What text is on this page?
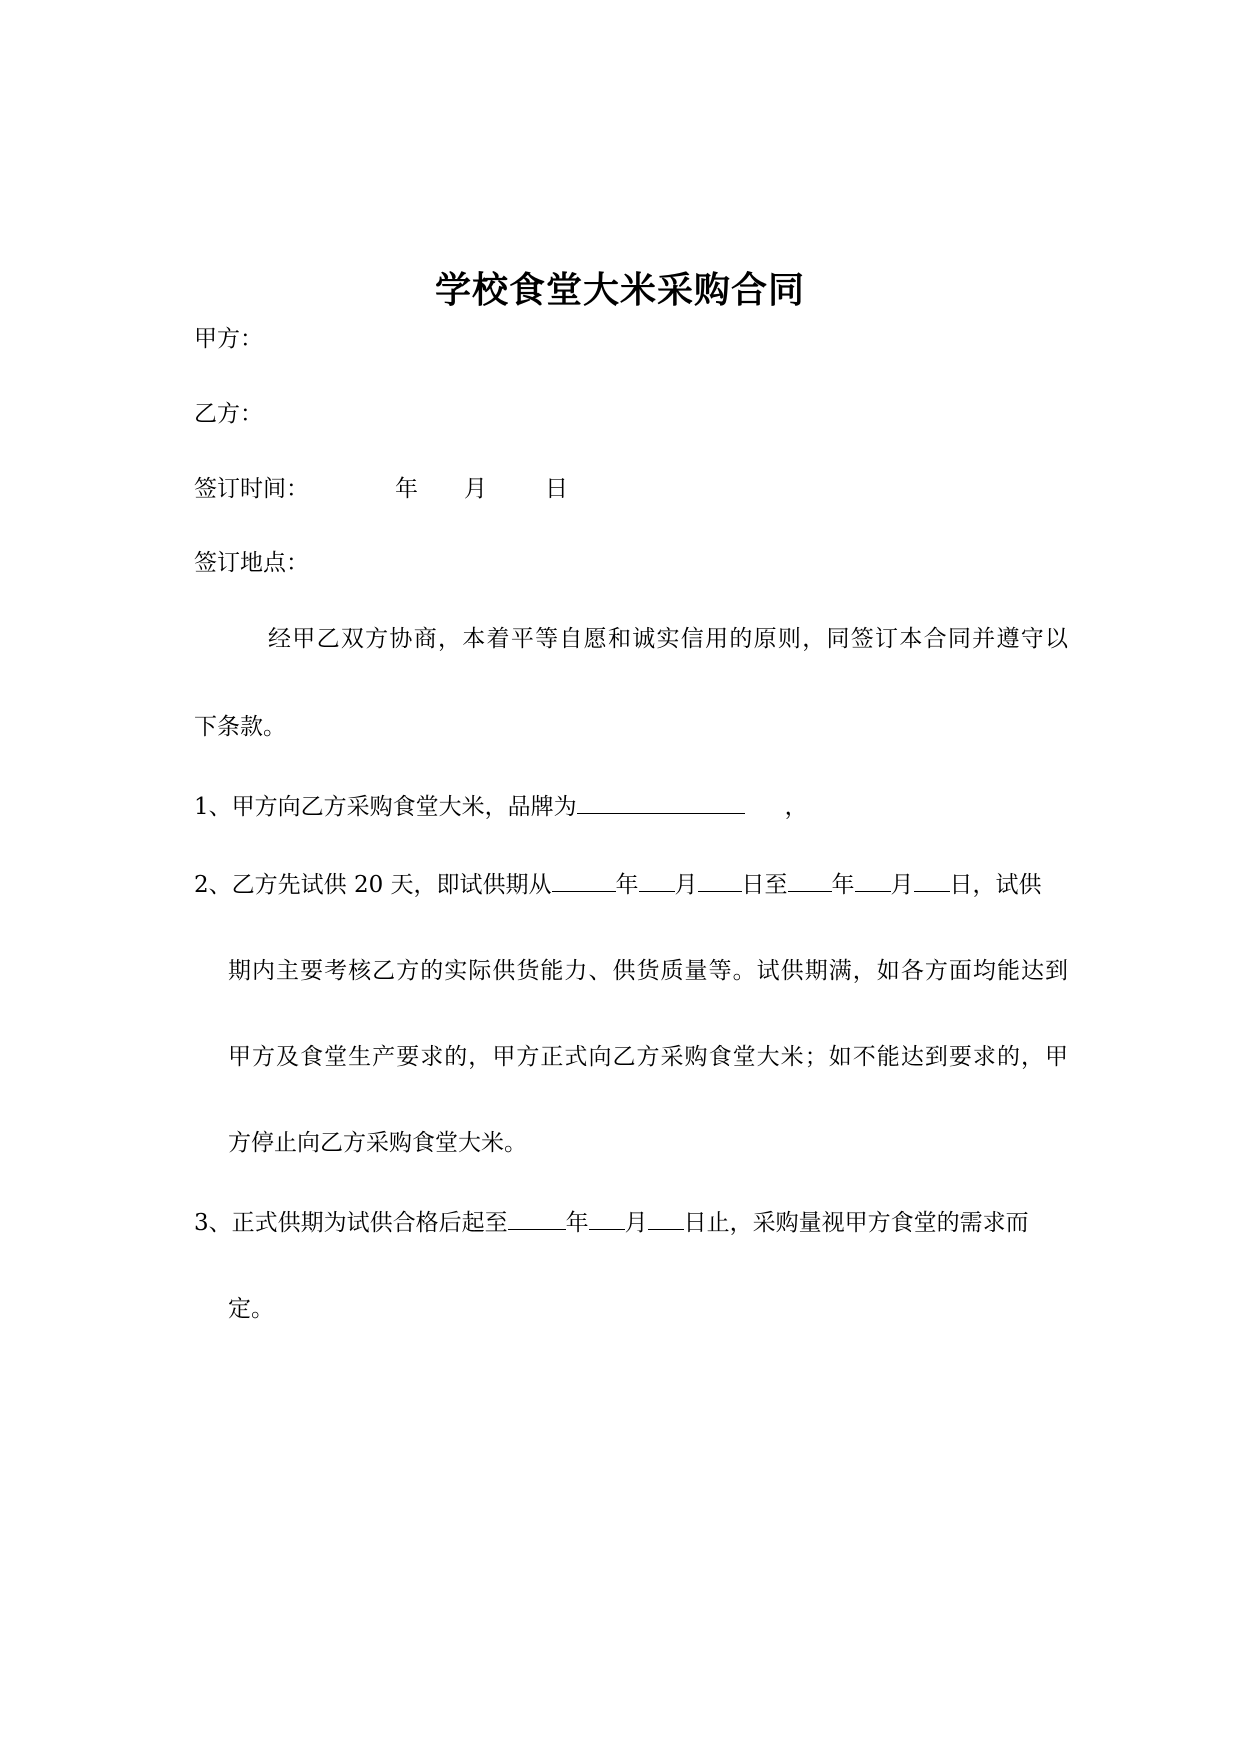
学校食堂大米采购合同
甲方：
乙方：
签订时间：	年 月	日
签订地点：
经甲乙双方协商，本着平等自愿和诚实信用的原则，同签订本合同并遵守以
下条款。
1、甲方向乙方采购食堂大米，品牌为	，
2、乙方先试供 20 天，即试供期从	年 月 日至 年 月 日，试供
期内主要考核乙方的实际供货能力、供货质量等。试供期满，如各方面均能达到
甲方及食堂生产要求的，甲方正式向乙方采购食堂大米；如不能达到要求的，甲
方停止向乙方采购食堂大米。
3、正式供期为试供合格后起至	年 月 日止，采购量视甲方食堂的需求而
定。
